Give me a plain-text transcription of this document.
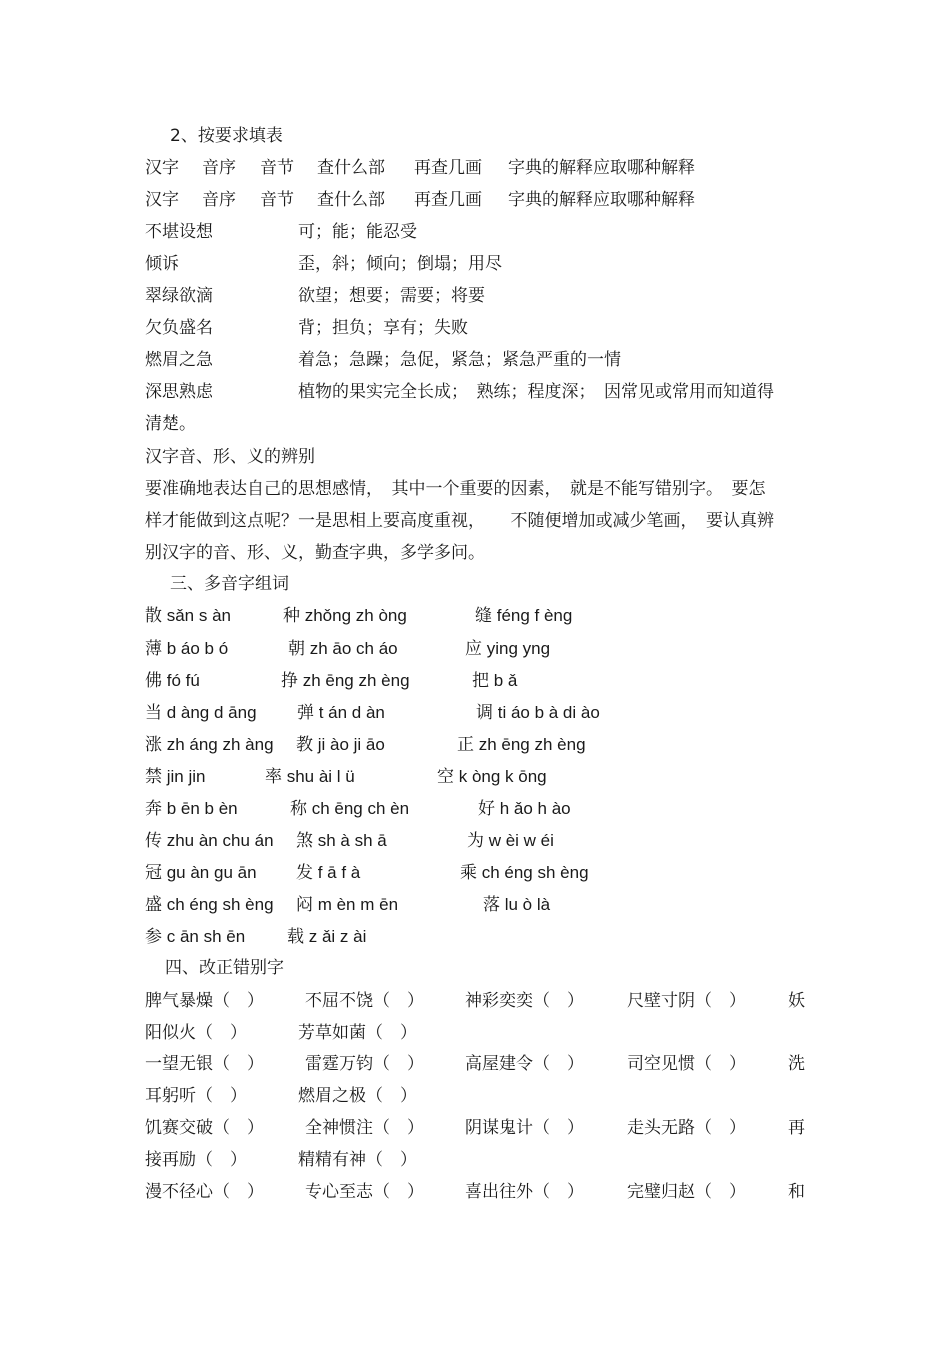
2、按要求填表
汉字 音序 音节 查什么部 再查几画 字典的解释应取哪种解释
汉字 音序 音节 查什么部 再查几画 字典的解释应取哪种解释
不堪设想	可；能；能忍受
倾诉	歪，斜；倾向；倒塌；用尽
翠绿欲滴	欲望；想要；需要；将要
欠负盛名	背；担负；享有；失败
燃眉之急	着急；急躁；急促，紧急；紧急严重的一情
深思熟虑	植物的果实完全长成；　熟练；程度深；　因常见或常用而知道得
清楚。
汉字音、形、义的辨别
要准确地表达自己的思想感情，　其中一个重要的因素，　就是不能写错别字。　要怎
样才能做到这点呢？一是思相上要高度重视，　　不随便增加或减少笔画，　要认真辨
别汉字的音、形、义，勤查字典，多学多问。
三、多音字组词
散 sǎn s àn	种 zhǒng zh òng	缝 féng f èng
薄 b áo b ó	朝 zh āo ch áo	应 ying yng
佛 fó fú	挣 zh ēng zh èng	把 b ǎ
当 d àng d āng 弹 t án d àn	调 ti áo b à di ào
涨 zh áng zh àng 教 ji ào ji āo	正 zh ēng zh èng
禁 jin jin	率 shu ài l ü	空 k òng k ōng
奔 b ēn b èn	称 ch ēng ch èn	好 h ǎo h ào
传 zhu àn chu án 煞 sh à sh ā	为 w èi w éi
冠 gu àn gu ān 发 f ā f à	乘 ch éng sh èng
盛 ch éng sh èng 闷 m èn m ēn	落 lu ò là
参 c ān sh ēn 载 z ǎi z ài
四、改正错别字
脾气暴燥（　） 不屈不饶（　） 神彩奕奕（　）	尺壁寸阴（　） 妖
阳似火（　）	芳草如菌（　）
一望无银（　） 雷霆万钧（　） 高屋建令（　）	司空见惯（　） 洗
耳躬听（　）	燃眉之极（　）
饥赛交破（　） 全神惯注（　） 阴谋鬼计（　）	走头无路（　） 再
接再励（　）	精精有神（　）
漫不径心（　） 专心至志（　） 喜出往外（　）	完璧归赵（　） 和
